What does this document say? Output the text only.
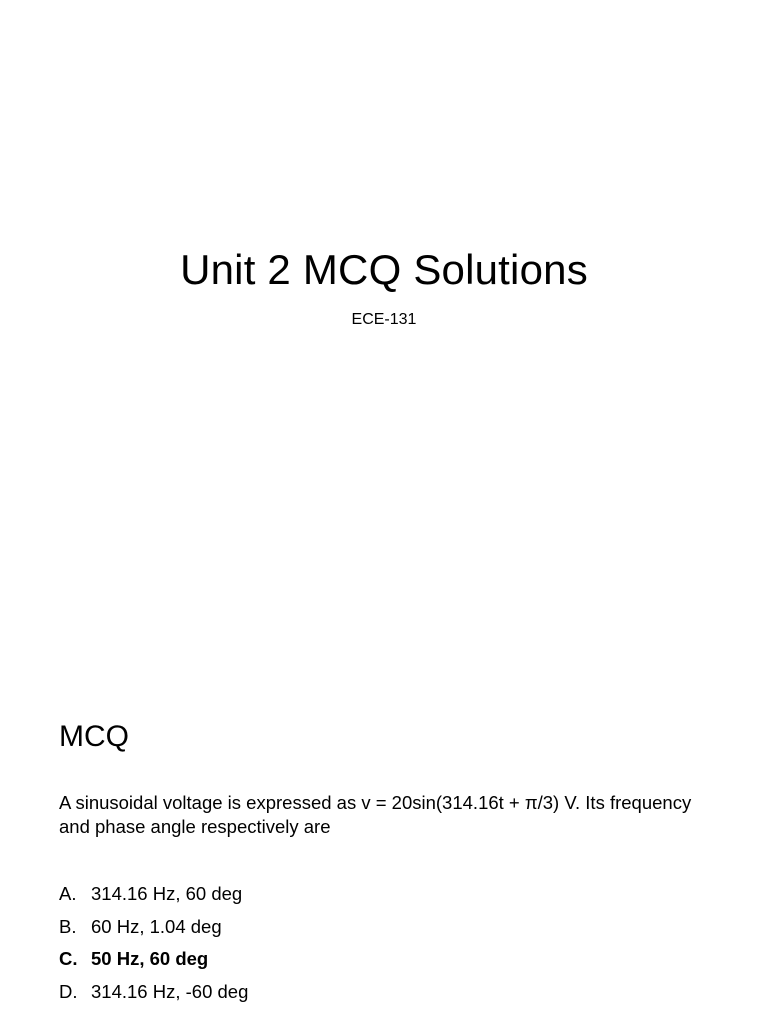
Unit 2 MCQ Solutions

ECE-131

MCQ

A sinusoidal voltage is expressed as v = 20sin(314.16t + π/3) V. Its frequency and phase angle respectively are

A. 314.16 Hz, 60 deg
B. 60 Hz, 1.04 deg
C. 50 Hz, 60 deg
D. 314.16 Hz, -60 deg
